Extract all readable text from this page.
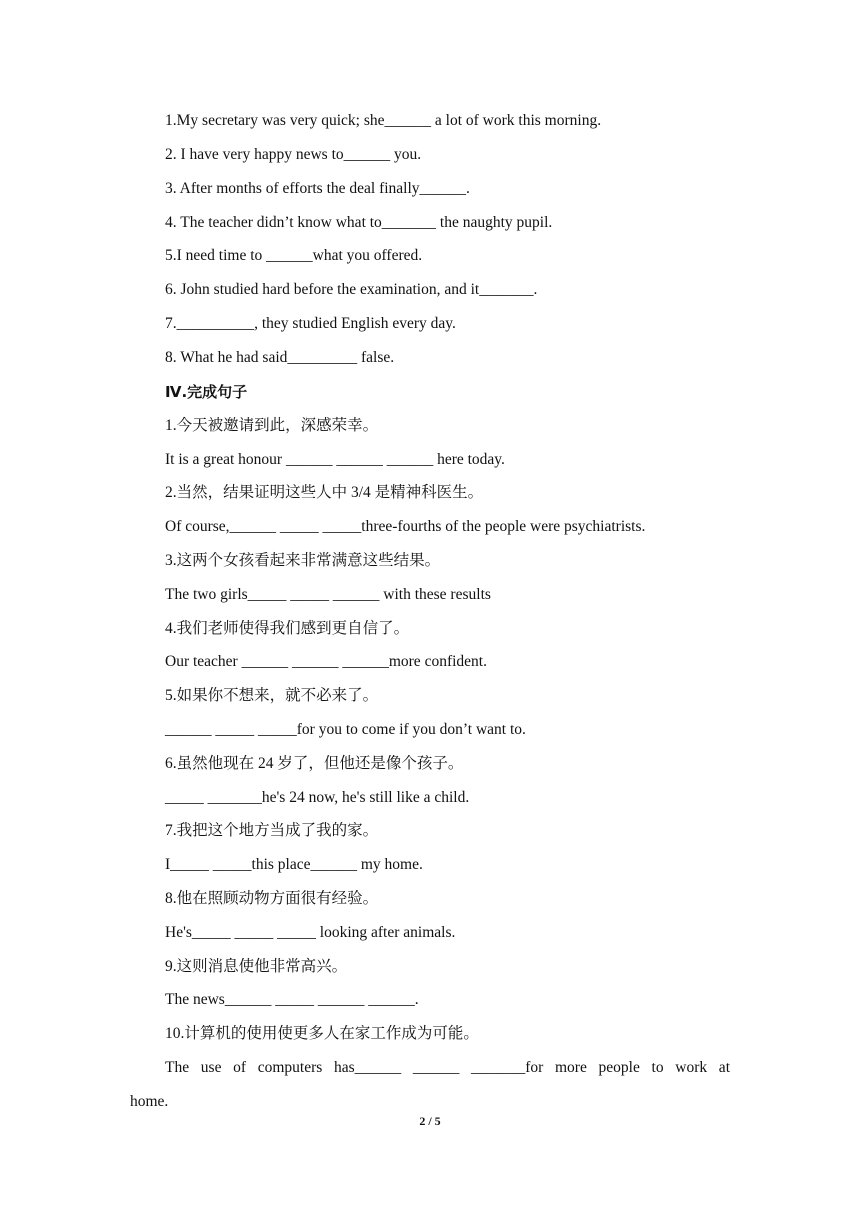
1.My secretary was very quick; she______ a lot of work this morning.
2. I have very happy news to______ you.
3. After months of efforts the deal finally______.
4. The teacher didn’t know what to_______ the naughty pupil.
5.I need time to ______what you offered.
6. John studied hard before the examination, and it_______.
7.__________, they studied English every day.
8. What he had said_________ false.
Ⅳ.完成句子
1.今天被邀请到此，深感荣幸。
It is a great honour ______ ______ ______ here today.
2.当然，结果证明这些人中 3/4 是精神科医生。
Of course,______ _____ _____three-fourths of the people were psychiatrists.
3.这两个女孩看起来非常满意这些结果。
The two girls_____ _____ ______ with these results
4.我们老师使得我们感到更自信了。
Our teacher ______ ______ ______more confident.
5.如果你不想来，就不必来了。
______ _____ _____for you to come if you don’t want to.
6.虽然他现在 24 岁了，但他还是像个孩子。
_____ _______he's 24 now, he's still like a child.
7.我把这个地方当成了我的家。
I_____ _____this place______ my home.
8.他在照顾动物方面很有经验。
He's_____ _____ _____ looking after animals.
9.这则消息使他非常高兴。
The news______ _____ ______ ______.
10.计算机的使用使更多人在家工作成为可能。
The use of computers has______ ______ _______for more people to work at
home.
2 / 5
